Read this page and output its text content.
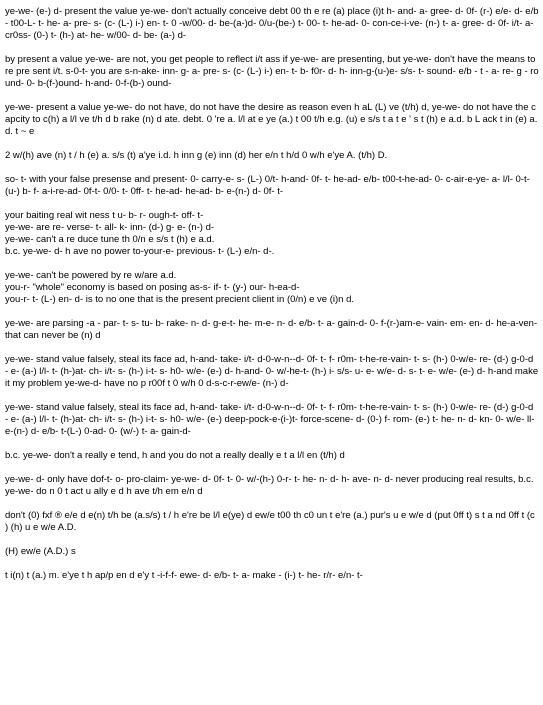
ye-we- (e-) d- present the value ye-we- don't actually conceive debt 00 th e re (a) place (i)t h- and- a- gree- d- 0f- (r-) e/e- d- e/b- t00-L- t- he- a- pre- s- (c- (L-) i-) en- t- 0 -w/00- d- be-(a-)d- 0/u-(be-) t- 00- t- he-ad- 0- con-ce-i-ve- (n-) t- a- gree- d- 0f- i/t- a- cr0ss- (0-) t- (h-) at- he- w/00- d- be- (a-) d-

by present a value ye-we- are not, you get people to reflect i/t ass if ye-we- are presenting, but ye-we- don't have the means to re pre sent i/t. s-0-t- you are s-n-ake- inn- g- a- pre- s- (c- (L-) i-) en- t- b- f0r- d- h- inn-g-(u-)e- s/s- t- sound- e/b - t - a- re- g - round- 0- b-(f-)ound- h-and- 0-f-(b-) ound-

ye-we- present a value ye-we- do not have, do not have the desire as reason even h aL (L) ve (t/h) d, ye-we- do not have the capcity to c(h) a l/l ve t/h d b rake (n) d ate. debt. 0 're a. l/l at e ye (a.) t 00 t/h e.g. (u) e s/s t a t e ' s t (h) e a.d. b L ack t in (e) a.d. t ~ e

2 w/(h) ave (n) t / h (e) a. s/s (t) a'ye i.d. h inn g (e) inn (d) her e/n t h/d 0 w/h e'ye A. (t/h) D.

so- t- with your false presense and present- 0- carry-e- s- (L-) 0/t- h-and- 0f- t- he-ad- e/b- t00-t-he-ad- 0- c-air-e-ye- a- l/l- 0-t- (u-) b- f- a-i-re-ad- 0f-t- 0/0- t- 0ff- t- he-ad- he-ad- b- e-(n-) d- 0f- t-

your baiting real wit ness t u- b- r- ough-t- off- t-
ye-we- are re- verse- t- all- k- inn- (d-) g- e- (n-) d-
ye-we- can't a re duce tune th 0/n e s/s t (h) e a.d.
b.c. ye-we- d- h ave no power to-your-e- previous- t- (L-) e/n- d-.

ye-we- can't be powered by re w/are a.d.
you-r- "whole" economy is based on posing as-s- if- t- (y-) our- h-ea-d-
you-r- t- (L-) en- d- is to no one that is the present precient client in (0/n) e ve (i)n d.

ye-we- are parsing -a - par- t- s- tu- b- rake- n- d- g-e-t- he- m-e- n- d- e/b- t- a- gain-d- 0- f-(r-)am-e- vain- em- en- d- he-a-ven- that can never be (n) d

ye-we- stand value falsely, steal its face ad, h-and- take- i/t- d-0-w-n--d- 0f- t- f- r0m- t-he-re-vain- t- s- (h-) 0-w/e- re- (d-) g-0-d - e- (a-) l/l- t- (h-)at- ch- i/t- s- (h-) i-t- s- h0- w/e- (e-) d- h-and- 0- w/-he-t- (h-) i- s/s- u- e- w/e- d- s- t- e- w/e- (e-) d- h-and make it my problem ye-we-d- have no p r00f t 0 w/h 0 d-s-c-r-ew/e- (n-) d-

ye-we- stand value falsely, steal its face ad, h-and- take- i/t- d-0-w-n--d- 0f- t- f- r0m- t-he-re-vain- t- s- (h-) 0-w/e- re- (d-) g-0-d - e- (a-) l/l- t- (h-)at- ch- i/t- s- (h-) i-t- s- h0- w/e- (e-) deep-pock-e-(i-)t- force-scene- d- (0-) f- rom- (e-) t- he- n- d- kn- 0- w/e- ll- e-(n-) d- e/b- t-(L-) 0-ad- 0- (w/-) t- a- gain-d-

b.c. ye-we- don't a really e tend, h and you do not a really deally e t a l/l en (t/h) d

ye-we- d- only have dof-t- o- pro-claim- ye-we- d- 0f- t- 0- w/-(h-) 0-r- t- he- n- d- h- ave- n- d- never producing real results, b.c. ye-we- do n 0 t act u ally e d h ave t/h em e/n d

don't (0) fxf ® e/e d e(n) t/h be (a.s/s) t / h e're be l/l e(ye) d ew/e t00 th c0 un t e're (a.) pur's u e w/e d (put 0ff t) s t a nd 0ff t (c ) (h) u e w/e A.D.

(H) ew/e (A.D.) s

t i(n) t (a.) m. e'ye t h ap/p en d e'y t -i-f-f- ewe- d- e/b- t- a- make - (i-) t- he- r/r- e/n- t-
